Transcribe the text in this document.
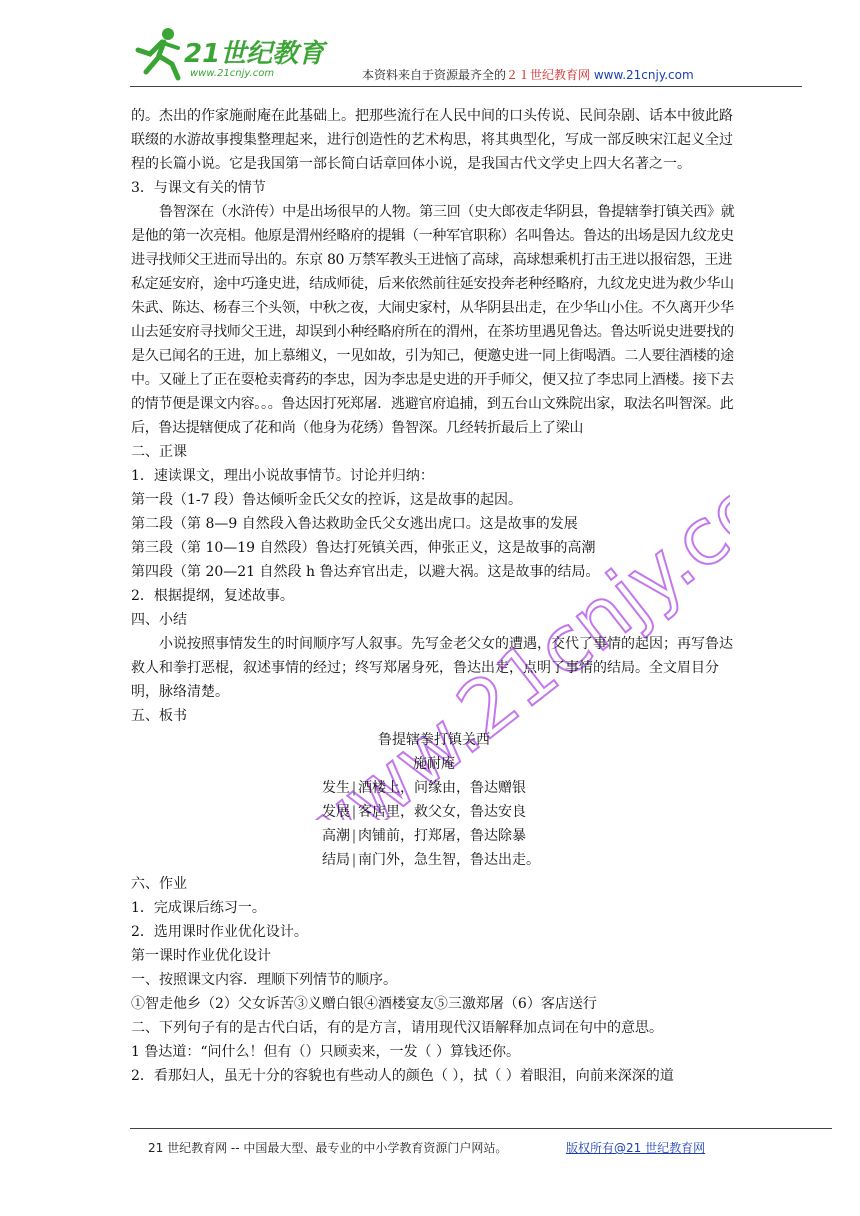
21世纪教育
www.21cnjy.com	本资料来自于资源最齐全的２１世纪教育网 www.21cnjy.com
www.21cnjy.com

的。杰出的作家施耐庵在此基础上。把那些流行在人民中间的口头传说、民间杂剧、话本中彼此路联缀的水游故事搜集整理起来，进行创造性的艺术构思，将其典型化，写成一部反映宋江起义全过程的长篇小说。它是我国第一部长简白话章回体小说，是我国古代文学史上四大名著之一。

3．与课文有关的情节

鲁智深在（水浒传）中是出场很早的人物。第三回（史大郎夜走华阴县，鲁提辖拳打镇关西》就是他的第一次亮相。他原是渭州经略府的提辑（一种军官职称）名叫鲁达。鲁达的出场是因九纹龙史进寻找师父王进而导出的。东京 80 万禁军教头王进恼了高球，高球想乘机打击王进以报宿怨，王进私定延安府，途中巧逢史进，结成师徒，后来依然前往延安投奔老种经略府，九纹龙史进为救少华山朱武、陈达、杨春三个头领，中秋之夜，大闹史家村，从华阴县出走，在少华山小住。不久离开少华山去延安府寻找师父王进，却误到小种经略府所在的渭州，在茶坊里遇见鲁达。鲁达听说史进要找的是久已闻名的王进，加上慕缃义，一见如故，引为知己，便邀史进一同上街喝酒。二人要往酒楼的途中。又碰上了正在耍枪卖膏药的李忠，因为李忠是史进的开手师父，便又拉了李忠同上酒楼。接下去的情节便是课文内容。。。鲁达因打死郑屠．逃避官府追捕，到五台山文殊院出家，取法名叫智深。此后，鲁达提辖便成了花和尚（他身为花绣）鲁智深。几经转折最后上了梁山

二、正课

1．速读课文，理出小说故事情节。讨论并归纳：

第一段（1-7 段）鲁达倾听金氏父女的控诉，这是故事的起因。

第二段（第 8—9 自然段入鲁达救助金氏父女逃出虎口。这是故事的发展

第三段（第 10—19 自然段）鲁达打死镇关西，伸张正义，这是故事的高潮

第四段（第 20—21 自然段 h 鲁达弃官出走，以避大祸。这是故事的结局。

2．根据提纲，复述故事。

四、小结

小说按照事情发生的时间顺序写人叙事。先写金老父女的遭遇，交代了事情的起因；再写鲁达救人和拳打恶棍，叙述事情的经过；终写郑屠身死，鲁达出走，点明了事情的结局。全文眉目分明，脉络清楚。

五、板书

鲁提辖拳打镇关西

施耐庵

发生 | 酒楼上，问缘由，鲁达赠银
发展 | 客店里，救父女，鲁达安良
高潮 | 肉铺前，打郑屠，鲁达除暴
结局 | 南门外，急生智，鲁达出走。

六、作业

1．完成课后练习一。

2．选用课时作业优化设计。

第一课时作业优化设计

一、按照课文内容．理顺下列情节的顺序。

①智走他乡（2）父女诉苦③义赠白银④酒楼宴友⑤三激郑屠（6）客店送行

二、下列句子有的是古代白话，有的是方言，请用现代汉语解释加点词在句中的意思。

1 鲁达道：“问什么！但有（）只顾卖来，一发（ ）算钱还你。

2．看那妇人，虽无十分的容貌也有些动人的颜色（ ），拭（ ）着眼泪，向前来深深的道

21 世纪教育网 -- 中国最大型、最专业的中小学教育资源门户网站。	版权所有@21 世纪教育网
